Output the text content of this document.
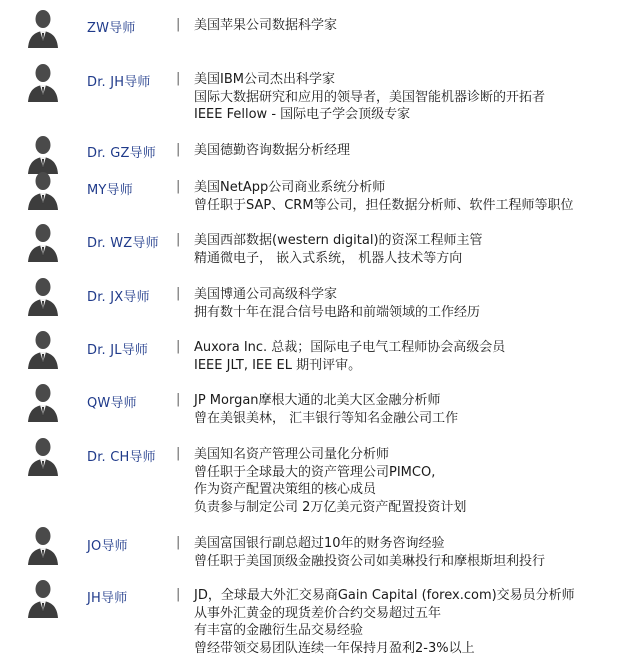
ZW导师	| 美国苹果公司数据科学家
Dr. JH导师 | 美国IBM公司杰出科学家
国际大数据研究和应用的领导者，美国智能机器诊断的开拓者
IEEE Fellow - 国际电子学会顶级专家
Dr. GZ导师 | 美国德勤咨询数据分析经理
MY导师	| 美国NetApp公司商业系统分析师
曾任职于SAP、CRM等公司，担任数据分析师、软件工程师等职位
Dr. WZ导师 | 美国西部数据(western digital)的资深工程师主管
精通微电子， 嵌入式系统， 机器人技术等方向
Dr. JX导师 | 美国博通公司高级科学家
拥有数十年在混合信号电路和前端领域的工作经历
Dr. JL导师 | Auxora Inc. 总裁；国际电子电气工程师协会高级会员
IEEE JLT, IEE EL 期刊评审。
QW导师	| JP Morgan摩根大通的北美大区金融分析师
曾在美银美林， 汇丰银行等知名金融公司工作
Dr. CH导师 | 美国知名资产管理公司量化分析师
曾任职于全球最大的资产管理公司PIMCO,
作为资产配置决策组的核心成员
负责参与制定公司 2万亿美元资产配置投资计划
JO导师	| 美国富国银行副总超过10年的财务咨询经验
曾任职于美国顶级金融投资公司如美琳投行和摩根斯坦利投行
JH导师	| JD，全球最大外汇交易商Gain Capital (forex.com)交易员分析师
从事外汇黄金的现货差价合约交易超过五年
有丰富的金融衍生品交易经验
曾经带领交易团队连续一年保持月盈利2-3%以上
